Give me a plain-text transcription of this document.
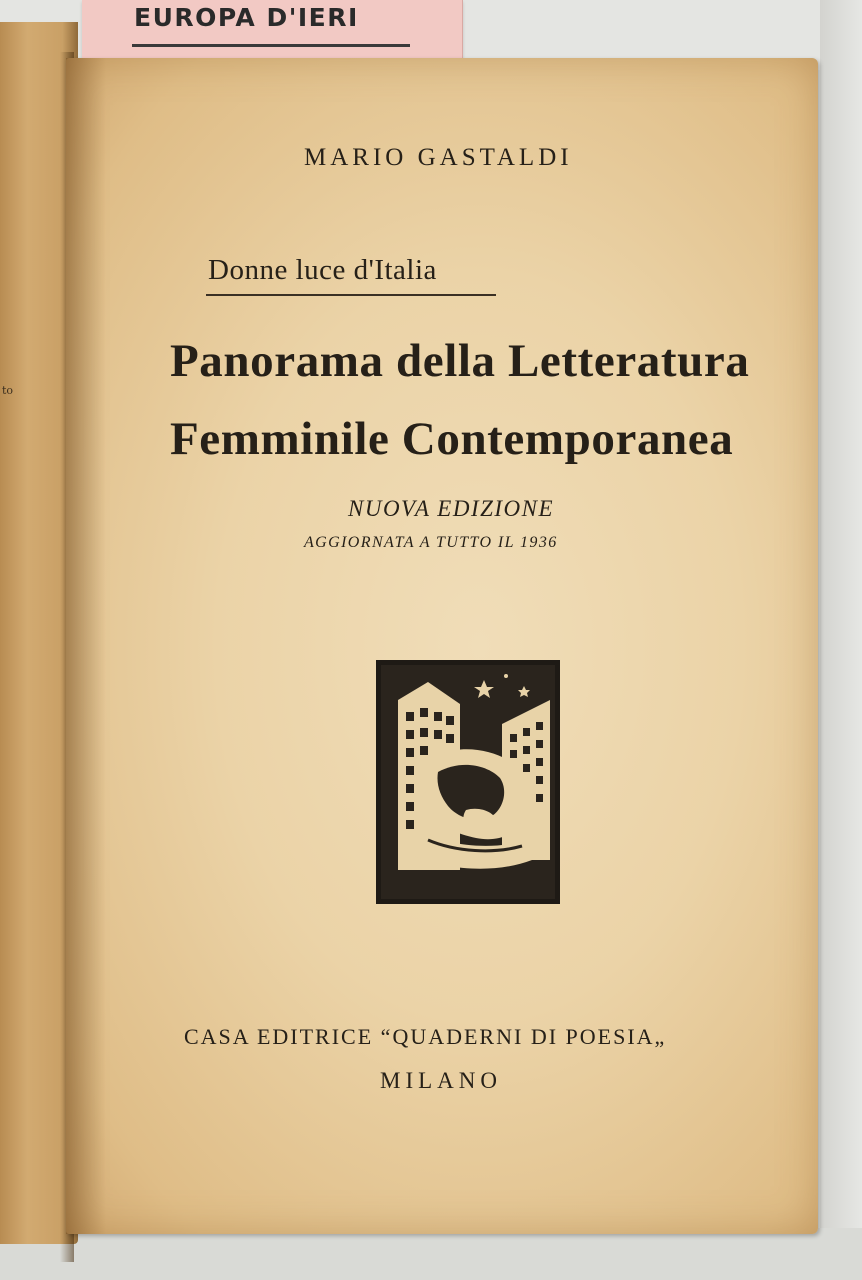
to
EUROPA D'IERI
MARIO GASTALDI
Donne luce d'Italia
Panorama della Letteratura
Femminile Contemporanea
NUOVA EDIZIONE
AGGIORNATA A TUTTO IL 1936
CASA EDITRICE “QUADERNI DI POESIA„
MILANO
